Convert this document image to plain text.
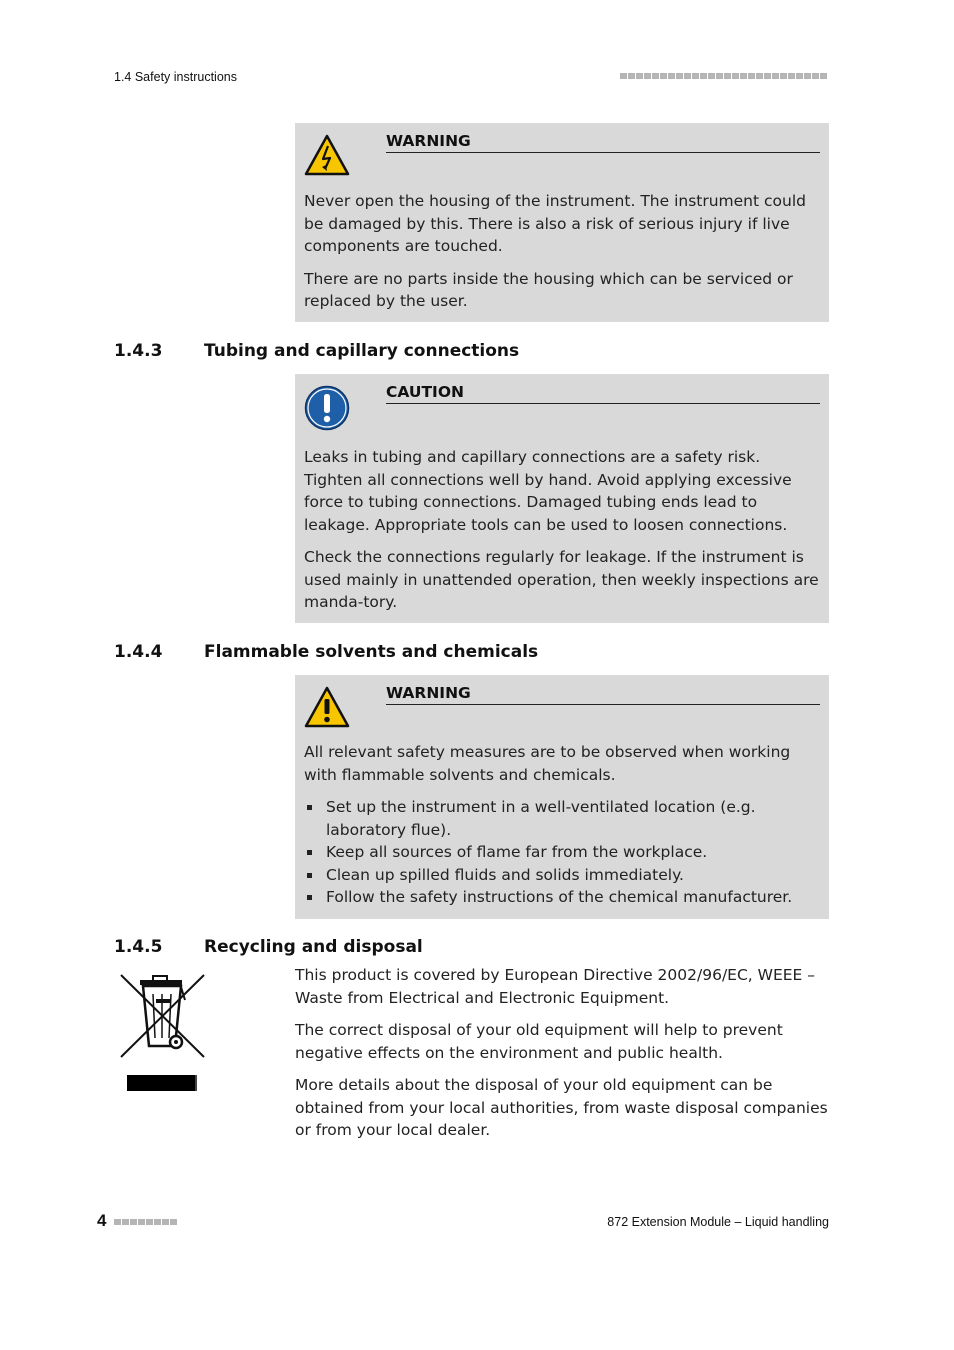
1.4 Safety instructions
WARNING

Never open the housing of the instrument. The instrument could be damaged by this. There is also a risk of serious injury if live components are touched.

There are no parts inside the housing which can be serviced or replaced by the user.

1.4.3 Tubing and capillary connections
CAUTION

Leaks in tubing and capillary connections are a safety risk. Tighten all connections well by hand. Avoid applying excessive force to tubing connections. Damaged tubing ends lead to leakage. Appropriate tools can be used to loosen connections.

Check the connections regularly for leakage. If the instrument is used mainly in unattended operation, then weekly inspections are manda-tory.

1.4.4 Flammable solvents and chemicals
WARNING

All relevant safety measures are to be observed when working with flammable solvents and chemicals.

Set up the instrument in a well-ventilated location (e.g. laboratory flue).
Keep all sources of flame far from the workplace.
Clean up spilled fluids and solids immediately.
Follow the safety instructions of the chemical manufacturer.
1.4.5 Recycling and disposal

This product is covered by European Directive 2002/96/EC, WEEE – Waste from Electrical and Electronic Equipment.

The correct disposal of your old equipment will help to prevent negative effects on the environment and public health.

More details about the disposal of your old equipment can be obtained from your local authorities, from waste disposal companies or from your local dealer.

4	872 Extension Module – Liquid handling
